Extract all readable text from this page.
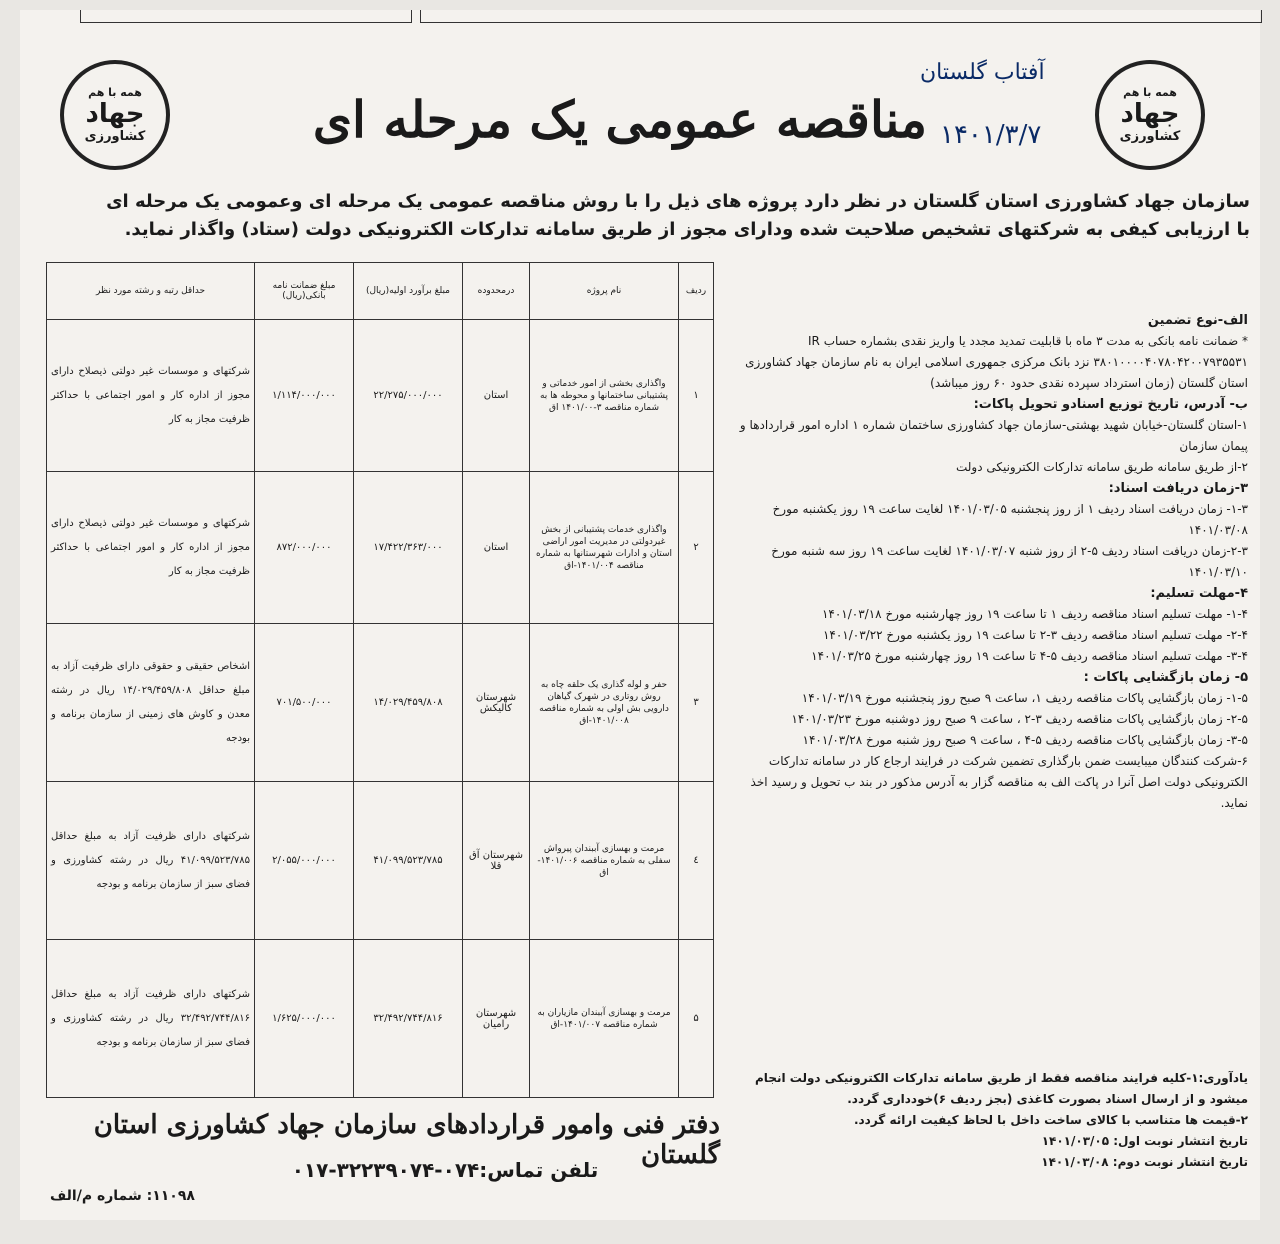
همه با هم
جهاد
کشاورزی	مناقصه عمومی یک مرحله ای
آفتاب گلستان
۱۴۰۱/۳/۷
همه با هم
جهاد
کشاورزی
سازمان جهاد کشاورزی استان گلستان در نظر دارد پروژه های ذیل را با روش مناقصه عمومی یک مرحله ای وعمومی یک مرحله ای
با ارزیابی کیفی به شرکتهای تشخیص صلاحیت شده ودارای مجوز از طریق سامانه تدارکات الکترونیکی دولت (ستاد) واگذار نماید.
ردیف	نام پروژه	درمحدوده	مبلغ برآورد اولیه(ریال)	مبلغ ضمانت نامه بانکی(ریال)	حداقل رتبه و رشته مورد نظر
۱	واگذاری بخشی از امور خدماتی و پشتیبانی ساختمانها و محوطه ها به شماره مناقصه ۳-۱۴۰۱/۰۰ اق	استان	۲۲/۲۷۵/۰۰۰/۰۰۰	۱/۱۱۴/۰۰۰/۰۰۰	شرکتهای و موسسات غیر دولتی ذیصلاح دارای مجوز از اداره کار و امور اجتماعی با حداکثر ظرفیت مجاز به کار
۲	واگذاری خدمات پشتیبانی از بخش غیردولتی در مدیریت امور اراضی استان و ادارات شهرستانها به شماره مناقصه ۱۴۰۱/۰۰۴-اق	استان	۱۷/۴۲۲/۳۶۳/۰۰۰	۸۷۲/۰۰۰/۰۰۰	شرکتهای و موسسات غیر دولتی ذیصلاح دارای مجوز از اداره کار و امور اجتماعی با حداکثر ظرفیت مجاز به کار
۳	حفر و لوله گذاری یک حلقه چاه به روش روتاری در شهرک گیاهان دارویی بش اولی به شماره مناقصه ۱۴۰۱/۰۰۸-اق	شهرستان کالیکش	۱۴/۰۲۹/۴۵۹/۸۰۸	۷۰۱/۵۰۰/۰۰۰	اشخاص حقیقی و حقوقی دارای ظرفیت آزاد به مبلغ حداقل ۱۴/۰۲۹/۴۵۹/۸۰۸ ریال در رشته معدن و کاوش های زمینی از سازمان برنامه و بودجه
٤	مرمت و بهسازی آببندان پیرواش سفلی به شماره مناقصه ۱۴۰۱/۰۰۶-اق	شهرستان آق قلا	۴۱/۰۹۹/۵۲۳/۷۸۵	۲/۰۵۵/۰۰۰/۰۰۰	شرکتهای دارای ظرفیت آزاد به مبلغ حداقل ۴۱/۰۹۹/۵۲۳/۷۸۵ ریال در رشته کشاورزی و فضای سبز از سازمان برنامه و بودجه
۵	مرمت و بهسازی آببندان مازیاران به شماره مناقصه ۱۴۰۱/۰۰۷-اق	شهرستان رامیان	۳۲/۴۹۲/۷۴۴/۸۱۶	۱/۶۲۵/۰۰۰/۰۰۰	شرکتهای دارای ظرفیت آزاد به مبلغ حداقل ۳۲/۴۹۲/۷۴۴/۸۱۶ ریال در رشته کشاورزی و فضای سبز از سازمان برنامه و بودجه

الف-نوع تضمین

* ضمانت نامه بانکی به مدت ۳ ماه با قابلیت تمدید مجدد یا واریز نقدی بشماره حساب IR ۳۸۰۱۰۰۰۰۴۰۷۸۰۴۲۰۰۷۹۳۵۵۳۱ نزد بانک مرکزی جمهوری اسلامی ایران به نام سازمان جهاد کشاورزی استان گلستان (زمان استرداد سپرده نقدی حدود ۶۰ روز میباشد)

ب- آدرس، تاریخ توزیع اسنادو تحویل پاکات:

۱-استان گلستان-خیابان شهید بهشتی-سازمان جهاد کشاورزی ساختمان شماره ۱ اداره امور قراردادها و پیمان سازمان

۲-از طریق سامانه طریق سامانه تدارکات الکترونیکی دولت

۳-زمان دریافت اسناد:

۱-۳- زمان دریافت اسناد ردیف ۱ از روز پنجشنبه ۱۴۰۱/۰۳/۰۵ لغایت ساعت ۱۹ روز یکشنبه مورخ ۱۴۰۱/۰۳/۰۸

۲-۳-زمان دریافت اسناد ردیف ۵-۲ از روز شنبه ۱۴۰۱/۰۳/۰۷ لغایت ساعت ۱۹ روز سه شنبه مورخ ۱۴۰۱/۰۳/۱۰

۴-مهلت تسلیم:

۱-۴- مهلت تسلیم اسناد مناقصه ردیف ۱ تا ساعت ۱۹ روز چهارشنبه مورخ ۱۴۰۱/۰۳/۱۸

۲-۴- مهلت تسلیم اسناد مناقصه ردیف ۳-۲ تا ساعت ۱۹ روز یکشنبه مورخ ۱۴۰۱/۰۳/۲۲

۳-۴- مهلت تسلیم اسناد مناقصه ردیف ۵-۴ تا ساعت ۱۹ روز چهارشنبه مورخ ۱۴۰۱/۰۳/۲۵

۵- زمان بازگشایی پاکات :

۱-۵- زمان بازگشایی پاکات مناقصه ردیف ۱، ساعت ۹ صبح روز پنجشنبه مورخ ۱۴۰۱/۰۳/۱۹

۲-۵- زمان بازگشایی پاکات مناقصه ردیف ۳-۲ ، ساعت ۹ صبح روز دوشنبه مورخ ۱۴۰۱/۰۳/۲۳

۳-۵- زمان بازگشایی پاکات مناقصه ردیف ۵-۴ ، ساعت ۹ صبح روز شنبه مورخ ۱۴۰۱/۰۳/۲۸

۶-شرکت کنندگان میبایست ضمن بارگذاری تضمین شرکت در فرایند ارجاع کار در سامانه تدارکات الکترونیکی دولت اصل آنرا در پاکت الف به مناقصه گزار به آدرس مذکور در بند ب تحویل و رسید اخذ نماید.

یادآوری:۱-کلیه فرایند مناقصه فقط از طریق سامانه تدارکات الکترونیکی دولت انجام میشود و از ارسال اسناد بصورت کاغذی (بجز ردیف ۶)خودداری گردد.

۲-قیمت ها متناسب با کالای ساخت داخل با لحاظ کیفیت ارائه گردد.

تاریخ انتشار نوبت اول: ۱۴۰۱/۰۳/۰۵

تاریخ انتشار نوبت دوم: ۱۴۰۱/۰۳/۰۸

دفتر فنی وامور قراردادهای سازمان جهاد کشاورزی استان گلستان
تلفن تماس:۰۷۴-۳۲۲۳۹۰۷۴-۰۱۷
۱۱۰۹۸: شماره م/الف
